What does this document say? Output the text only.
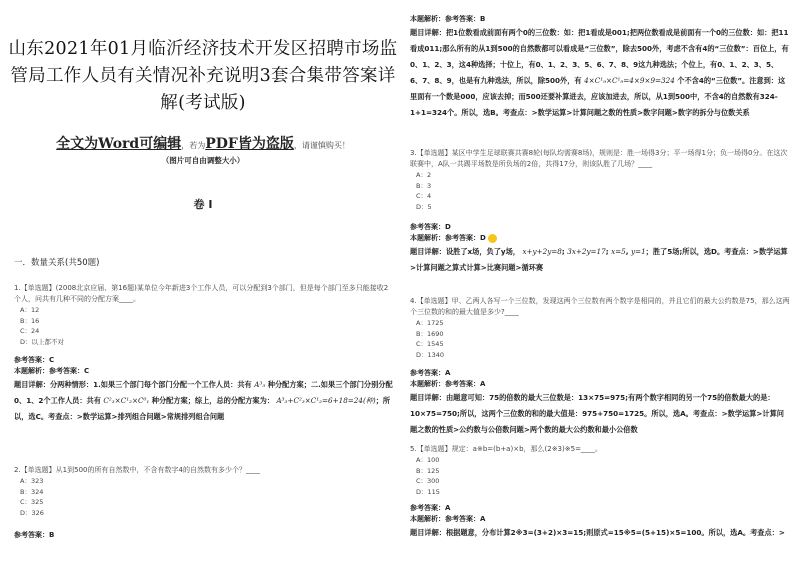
山东2021年01月临沂经济技术开发区招聘市场监管局工作人员有关情况补充说明3套合集带答案详解(考试版)
全文为Word可编辑，若为PDF皆为盗版，请谨慎购买！
（图片可自由调整大小）
卷 I
一．数量关系(共50题)
1.【单选题】(2008北京应届、第16题)某单位今年新进3个工作人员，可以分配到3个部门，但是每个部门至多只能接收2个人，问共有几种不同的分配方案____。
A：12
B：16
C：24
D：以上都不对
参考答案：C
本题解析：参考答案：C
题目详解：分两种情形：1.如果三个部门每个部门分配一个工作人员：共有 A³₃ 种分配方案；二.如果三个部门分别分配0、1、2个工作人员：共有 C²₃×C¹₂×C⁰₁ 种分配方案；综上，总的分配方案为： A³₃+C²₃×C¹₂=6+18=24(种)；所以，选C。考查点：>数学运算>排列组合问题>常规排列组合问题
2.【单选题】从1到500的所有自然数中，不含有数字4的自然数有多少个？____
A：323
B：324
C：325
D：326
参考答案：B
本题解析：参考答案：B
题目详解：把1位数看成前面有两个0的三位数：如：把1看成是001;把两位数看成是前面有一个0的三位数：如：把11看成011;那么所有的从1到500的自然数都可以看成是“三位数”，除去500外，考虑不含有4的“三位数”：百位上，有0、1、2、3，这4种选择；十位上，有0、1、2、3、5、6、7、8、9这九种选法；个位上，有0、1、2、3、5、6、7、8、9，也是有九种选法，所以，除500外，有 4×C¹₉×C¹₉=4×9×9=324 个不含4的“三位数”。注意到：这里面有一个数是000，应该去掉；而500还要补算进去，应该加进去，所以，从1到500中，不含4的自然数有324-1+1=324个。所以，选B。考查点：>数学运算>计算问题之数的性质>数字问题>数字的拆分与位数关系
3.【单选题】某区中学生足球联赛共赛8轮(每队均需赛8场)，规则是：胜一场得3分；平一场得1分；负一场得0分。在这次联赛中，A队一共踢平场数是所负场的2倍，共得17分，则该队胜了几场？____
A：2
B：3
C：4
D：5
参考答案：D
本题解析：参考答案：D
题目详解：设胜了x场，负了y场， x+y+2y=8; 3x+2y=17; x=5, y=1；胜了5场;所以，选D。考查点：>数学运算>计算问题之算式计算>比赛问题>循环赛
4.【单选题】甲、乙两人各写一个三位数，发现这两个三位数有两个数字是相同的，并且它们的最大公约数是75，那么这两个三位数的和的最大值是多少?____
A：1725
B：1690
C：1545
D：1340
参考答案：A
本题解析：参考答案：A
题目详解：由题意可知：75的倍数的最大三位数是：13×75=975;有两个数字相同的另一个75的倍数最大的是：10×75=750;所以，这两个三位数的和的最大值是：975+750=1725。所以，选A。考查点：>数学运算>计算问题之数的性质>公约数与公倍数问题>两个数的最大公约数和最小公倍数
5.【单选题】规定：a※b=(b+a)×b，那么(2※3)※5=____。
A：100
B：125
C：300
D：115
参考答案：A
本题解析：参考答案：A
题目详解：根据题意，分布计算2※3=(3+2)×3=15;则原式=15※5=(5+15)×5=100。所以，选A。考查点：>
